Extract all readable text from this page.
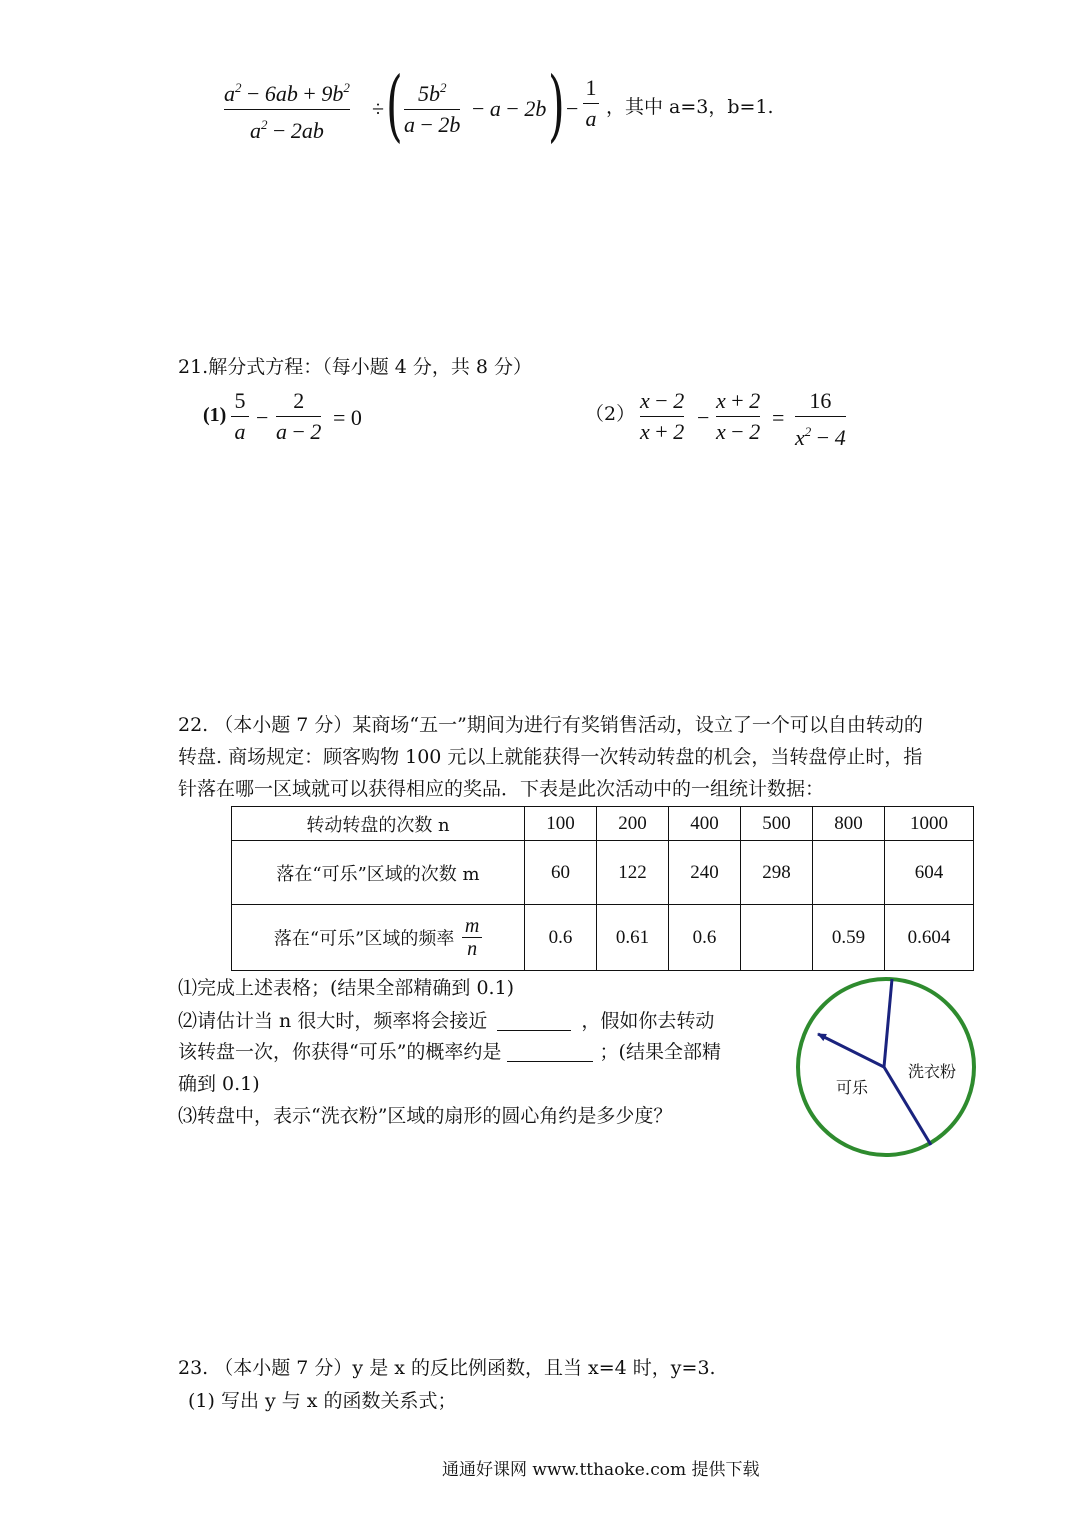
$a^2 - 6ab + 9b^2$
$a^2 - 2ab$
÷ ( $5b^2$
a − 2b
− a − 2b ) −
1
a ，其中 a=3，b=1.
21.解分式方程：（每小题 4 分，共 8 分）
(1)
5
a
−
2
a − 2
= 0	（2）
x − 2
x + 2
−
x + 2
x − 2
=
16
$x^2 - 4$
22. （本小题 7 分）某商场“五一”期间为进行有奖销售活动，设立了一个可以自由转动的
转盘. 商场规定：顾客购物 100 元以上就能获得一次转动转盘的机会，当转盘停止时，指
针落在哪一区域就可以获得相应的奖品．下表是此次活动中的一组统计数据：
转动转盘的次数 n	100	200	400	500	800	1000
落在“可乐”区域的次数 m	60	122	240	298		604
落在“可乐”区域的频率 $\frac{m}{n}$	0.6	0.61	0.6		0.59	0.604
⑴完成上述表格；(结果全部精确到 0.1)
⑵请估计当 n 很大时，频率将会接近	，假如你去转动
该转盘一次，你获得“可乐”的概率约是	；(结果全部精
确到 0.1)
⑶转盘中，表示“洗衣粉”区域的扇形的圆心角约是多少度？
可乐
洗衣粉
23. （本小题 7 分）y 是 x 的反比例函数，且当 x=4 时，y=3.
(1) 写出 y 与 x 的函数关系式；
通通好课网 www.tthaoke.com 提供下载
